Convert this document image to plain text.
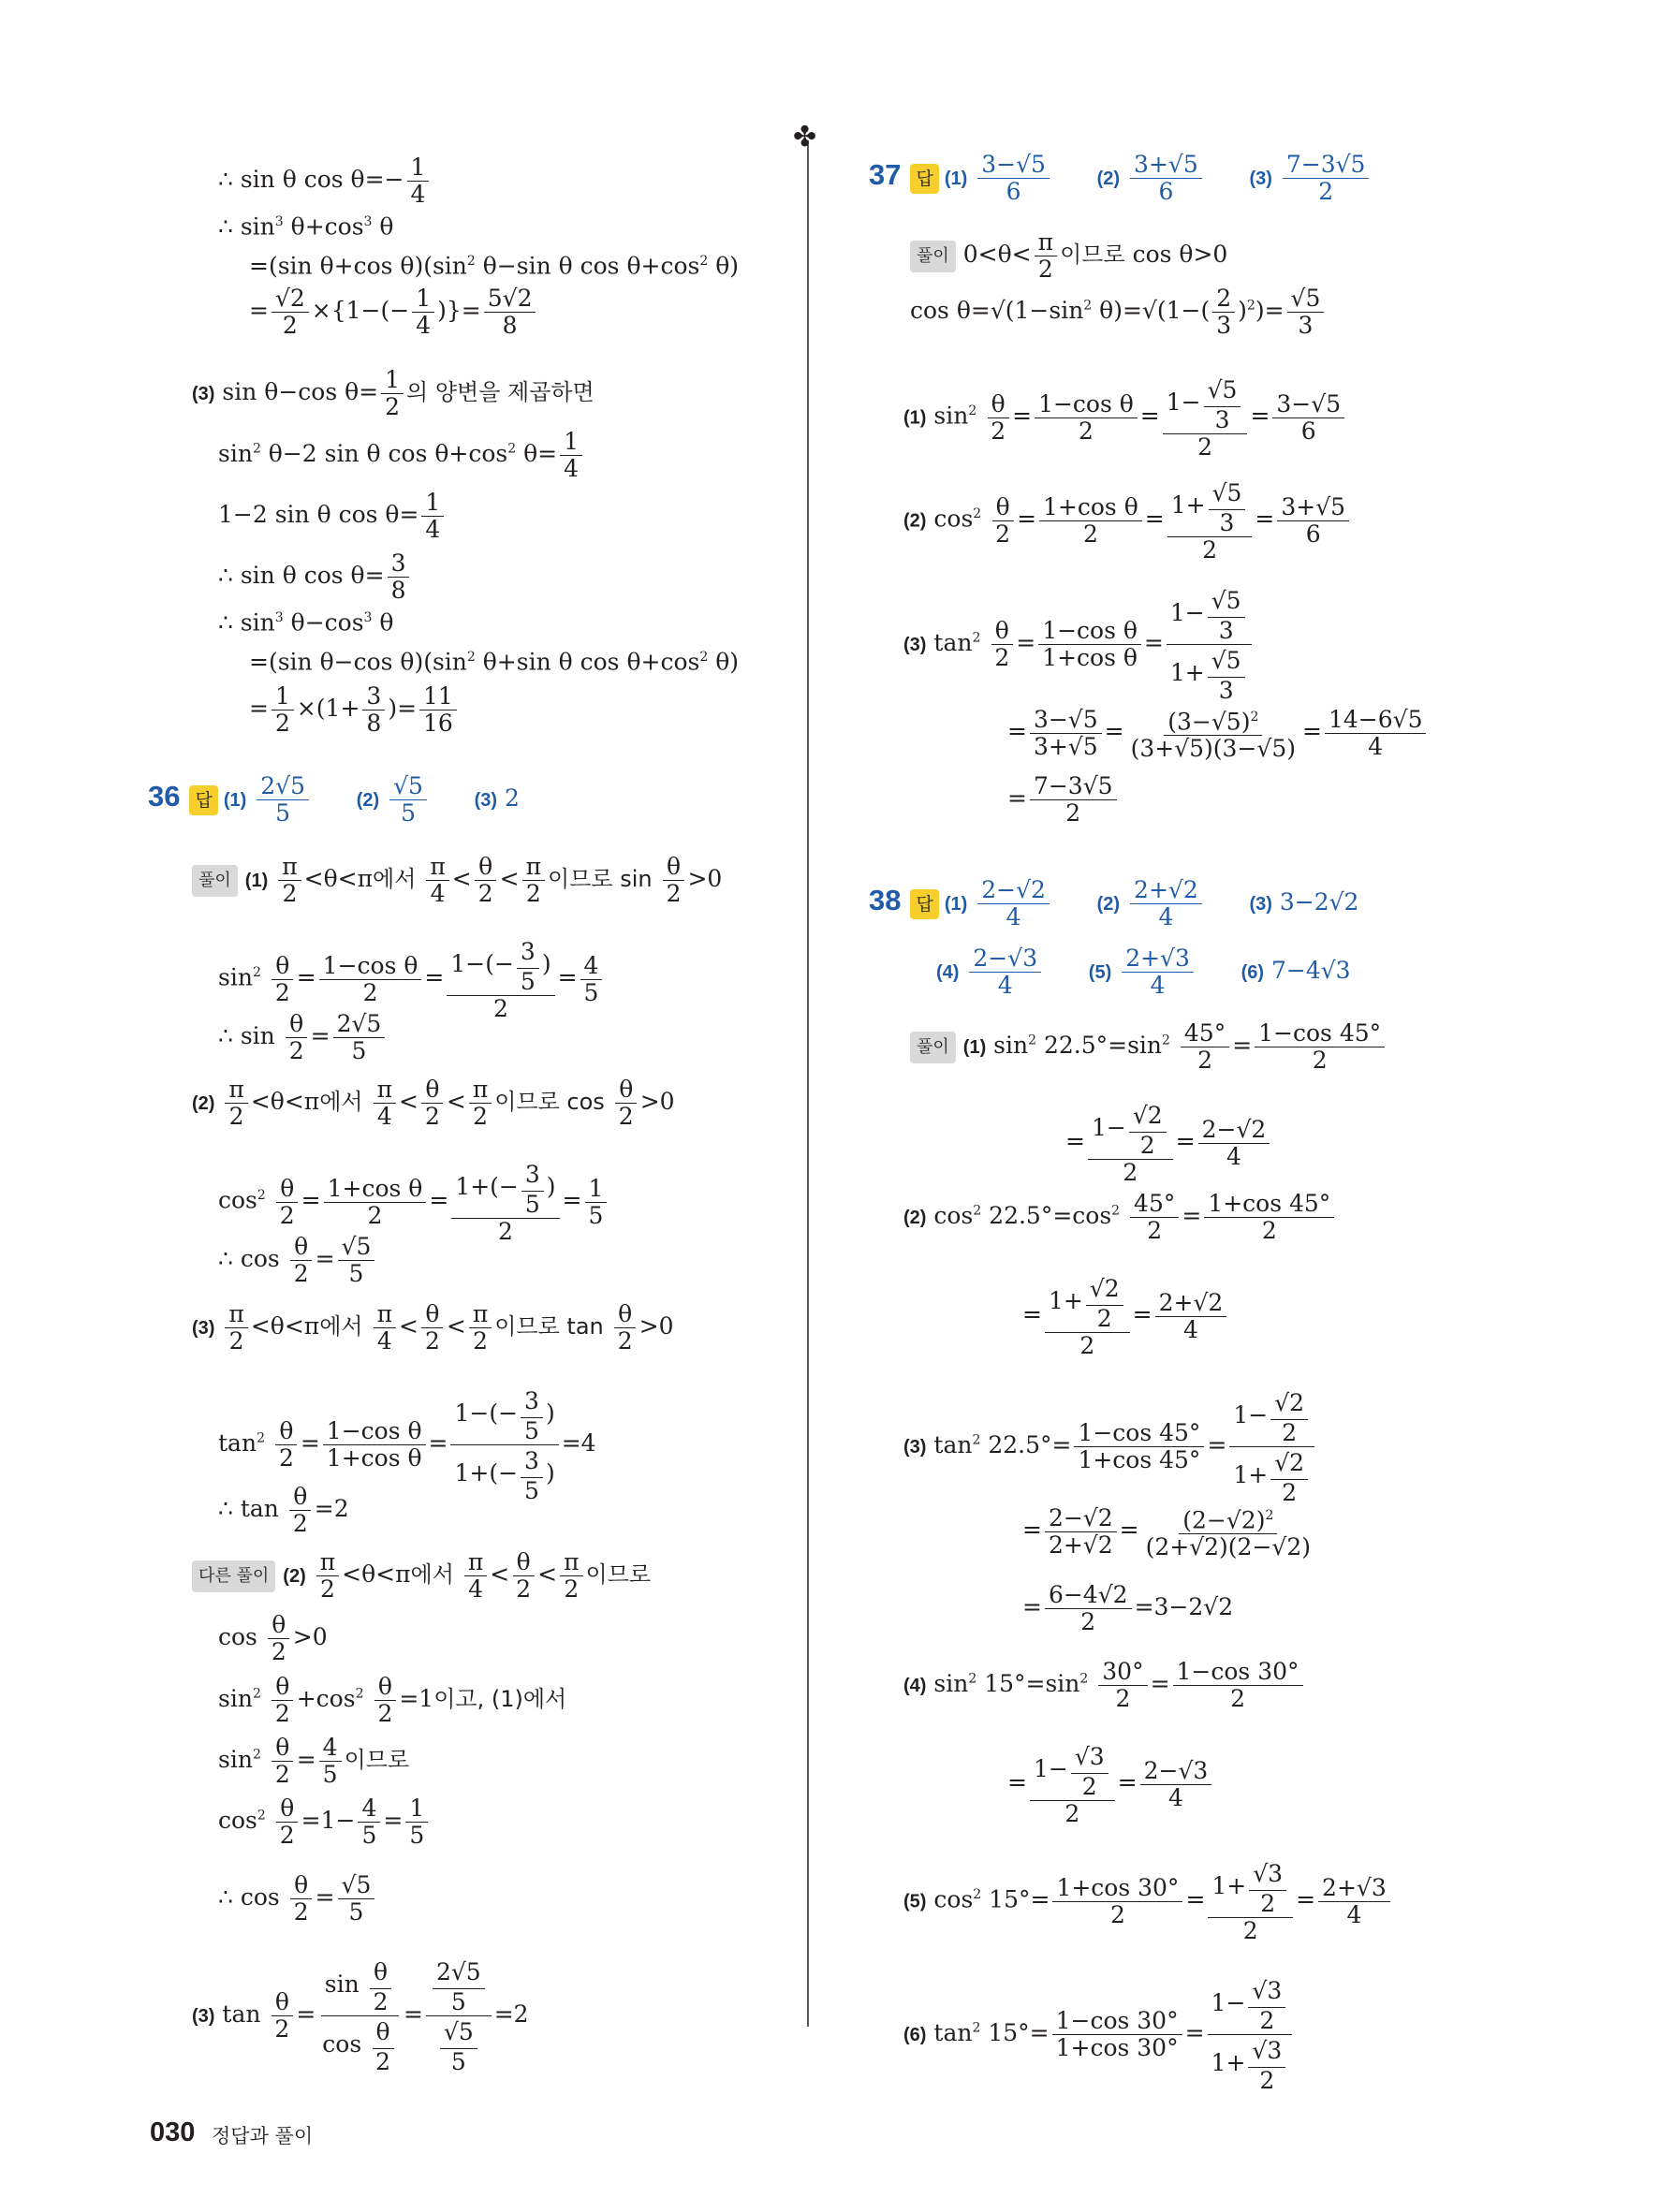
∴ sin θ $\cos \theta=- \frac{1}{4}$
∴ $\sin^3 \theta+\cos^3$ θ
=(sin θ+cos $\theta)(\sin^2$ θ−sin θ $\cos \theta+\cos^2$ θ)
= $\frac{√2}{2} \times\{1-(- \frac{1}{4}$ )}= $\frac{5√2}{8}$
(3) sin θ−cos $\theta= \frac{1}{2}$ 의 양변을 제곱하면
$\sin^2 \theta-2$ sin θ $\cos \theta+\cos^2$ $\theta= \frac{1}{4}$
1−2 sin θ $\cos \theta= \frac{1}{4}$
∴ sin θ $\cos \theta= \frac{3}{8}$
∴ $\sin^3 \theta-\cos^3$ θ
=(sin θ−cos $\theta)(\sin^2$ θ+sin θ $\cos \theta+\cos^2$ θ)
= $\frac{1}{2} \times(1+ \frac{3}{8}$ )= $\frac{11}{16}$
36 답 $(1) \frac{2√5}{5}$	$(2) \frac{√5}{5}$	(3) 2
풀이 $(1) \frac{\pi}{2} <\theta<\pi$에서 $\frac{\pi}{4} < \frac{\theta}{2} < \frac{\pi}{2}$ 이므로 $\sin \frac{\theta}{2} >0$
$\sin^2 \frac{\theta}{2} = \frac{\text{1−cos θ}}{2} = \frac{1-(- \frac{3}{5} )}{2} = \frac{4}{5}$
∴ $\sin \frac{\theta}{2} = \frac{2√5}{5}$
$(2) \frac{\pi}{2} <\theta<\pi$에서 $\frac{\pi}{4} < \frac{\theta}{2} < \frac{\pi}{2}$ 이므로 $\cos \frac{\theta}{2} >0$
$\cos^2 \frac{\theta}{2} = \frac{\text{1+cos θ}}{2} = \frac{1+(- \frac{3}{5} )}{2} = \frac{1}{5}$
∴ $\cos \frac{\theta}{2} = \frac{√5}{5}$
$(3) \frac{\pi}{2} <\theta<\pi$에서 $\frac{\pi}{4} < \frac{\theta}{2} < \frac{\pi}{2}$ 이므로 $\tan \frac{\theta}{2} >0$
$\tan^2 \frac{\theta}{2} = \frac{\text{1−cos θ}}{\text{1+cos θ}} = \frac{1-(- \frac{3}{5} )}{1+(- \frac{3}{5} )} =4$
∴ $\tan \frac{\theta}{2} =2$
다른 풀이 $(2) \frac{\pi}{2} <\theta<\pi$에서 $\frac{\pi}{4} < \frac{\theta}{2} < \frac{\pi}{2}$ 이므로
$\cos \frac{\theta}{2} >0$
$\sin^2 \frac{\theta}{2} +\cos^2 \frac{\theta}{2} =1$이고, (1)에서
$\sin^2 \frac{\theta}{2} = \frac{4}{5}$ 이므로
$\cos^2 \frac{\theta}{2} =1- \frac{4}{5} = \frac{1}{5}$
∴ $\cos \frac{\theta}{2} = \frac{√5}{5}$
(3) $\tan \frac{\theta}{2} = \frac{\sin \frac{\theta}{2}}{\cos \frac{\theta}{2}} = \frac{\frac{2√5}{5}}{\frac{√5}{5}} =2$
✤
37 답 $(1) \frac{3-√5}{6}$	$(2) \frac{3+√5}{6}$	$(3) \frac{7-3√5}{2}$
풀이 $0<\theta< \frac{\pi}{2}$ 이므로 cos θ>0
$\cos \theta=√(1-\sin^2$ $\theta)=√(1-( \frac{2}{3} )^2)= \frac{√5}{3}$
(1) $\sin^2 \frac{\theta}{2} = \frac{\text{1−cos θ}}{2} = \frac{1- \frac{√5}{3}}{2} = \frac{3-√5}{6}$
(2) $\cos^2 \frac{\theta}{2} = \frac{\text{1+cos θ}}{2} = \frac{1+ \frac{√5}{3}}{2} = \frac{3+√5}{6}$
(3) $\tan^2 \frac{\theta}{2} = \frac{\text{1−cos θ}}{\text{1+cos θ}} = \frac{1- \frac{√5}{3}}{1+ \frac{√5}{3}}$
= $\frac{3-√5}{3+√5} = \frac{(3-√5)^2}{(3+√5)(3-√5)} = \frac{14-6√5}{4}$
= $\frac{7-3√5}{2}$
38 답 $(1) \frac{2-√2}{4}$	$(2) \frac{2+√2}{4}$	(3) 3−2√2
$(4) \frac{2-√3}{4}$	$(5) \frac{2+√3}{4}$	(6) 7−4√3
풀이 (1) $\sin^2 22.5^\circ=\sin^2 \frac{45^\circ}{2} = \frac{1-\cos 45^\circ}{2}$
= $\frac{1- \frac{√2}{2}}{2} = \frac{2-√2}{4}$
(2) $\cos^2 22.5^\circ=\cos^2 \frac{45^\circ}{2} = \frac{1+\cos 45^\circ}{2}$
= $\frac{1+ \frac{√2}{2}}{2} = \frac{2+√2}{4}$
(3) $\tan^2 22.5^\circ= \frac{1-\cos 45^\circ}{1+\cos 45^\circ} = \frac{1- \frac{√2}{2}}{1+ \frac{√2}{2}}$
= $\frac{2-√2}{2+√2} = \frac{(2-√2)^2}{(2+√2)(2-√2)}$
= $\frac{6-4√2}{2} =3-2√2$
(4) $\sin^2 15^\circ=\sin^2 \frac{30^\circ}{2} = \frac{1-\cos 30^\circ}{2}$
= $\frac{1- \frac{√3}{2}}{2} = \frac{2-√3}{4}$
(5) $\cos^2 15^\circ= \frac{1+\cos 30^\circ}{2} = \frac{1+ \frac{√3}{2}}{2} = \frac{2+√3}{4}$
(6) $\tan^2 15^\circ= \frac{1-\cos 30^\circ}{1+\cos 30^\circ} = \frac{1- \frac{√3}{2}}{1+ \frac{√3}{2}}$
030 정답과 풀이
